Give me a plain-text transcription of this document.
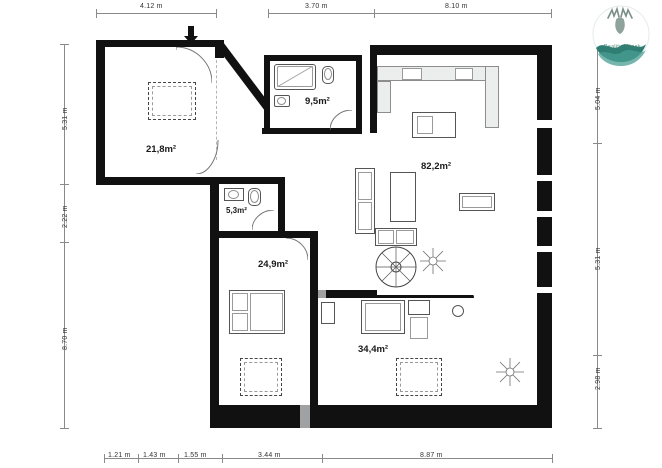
4.12 m	3.70 m	8.10 m
5.31 m
2.22 m
8.70 m
5.04 m
5.31 m
2.98 m
1.21 m 1.43 m	1.55 m	3.44 m	8.87 m
21,8m²
9,5m²
82,2m²
5,3m²
24,9m²
34,4m²
Reality Mánek
